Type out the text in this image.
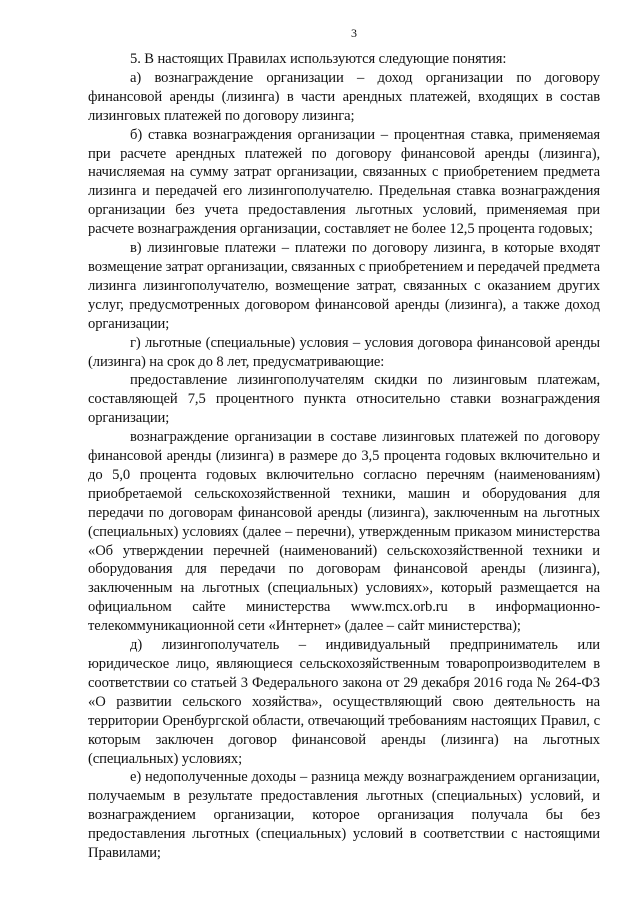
3

5. В настоящих Правилах используются следующие понятия:

а) вознаграждение организации – доход организации по договору финансовой аренды (лизинга) в части арендных платежей, входящих в состав лизинговых платежей по договору лизинга;

б) ставка вознаграждения организации – процентная ставка, применяемая при расчете арендных платежей по договору финансовой аренды (лизинга), начисляемая на сумму затрат организации, связанных с приобретением предмета лизинга и передачей его лизингополучателю. Предельная ставка вознаграждения организации без учета предоставления льготных условий, применяемая при расчете вознаграждения организации, составляет не более 12,5 процента годовых;

в) лизинговые платежи – платежи по договору лизинга, в которые входят возмещение затрат организации, связанных с приобретением и передачей предмета лизинга лизингополучателю, возмещение затрат, связанных с оказанием других услуг, предусмотренных договором финансовой аренды (лизинга), а также доход организации;

г) льготные (специальные) условия – условия договора финансовой аренды (лизинга) на срок до 8 лет, предусматривающие:

предоставление лизингополучателям скидки по лизинговым платежам, составляющей 7,5 процентного пункта относительно ставки вознаграждения организации;

вознаграждение организации в составе лизинговых платежей по договору финансовой аренды (лизинга) в размере до 3,5 процента годовых включительно и до 5,0 процента годовых включительно согласно перечням (наименованиям) приобретаемой сельскохозяйственной техники, машин и оборудования для передачи по договорам финансовой аренды (лизинга), заключенным на льготных (специальных) условиях (далее – перечни), утвержденным приказом министерства «Об утверждении перечней (наименований) сельскохозяйственной техники и оборудования для передачи по договорам финансовой аренды (лизинга), заключенным на льготных (специальных) условиях», который размещается на официальном сайте министерства www.mcx.orb.ru в информационно-телекоммуникационной сети «Интернет» (далее – сайт министерства);

д) лизингополучатель – индивидуальный предприниматель или юридическое лицо, являющиеся сельскохозяйственным товаропроизводителем в соответствии со статьей 3 Федерального закона от 29 декабря 2016 года № 264-ФЗ «О развитии сельского хозяйства», осуществляющий свою деятельность на территории Оренбургской области, отвечающий требованиям настоящих Правил, с которым заключен договор финансовой аренды (лизинга) на льготных (специальных) условиях;

е) недополученные доходы – разница между вознаграждением организации, получаемым в результате предоставления льготных (специальных) условий, и вознаграждением организации, которое организация получала бы без предоставления льготных (специальных) условий в соответствии с настоящими Правилами;
